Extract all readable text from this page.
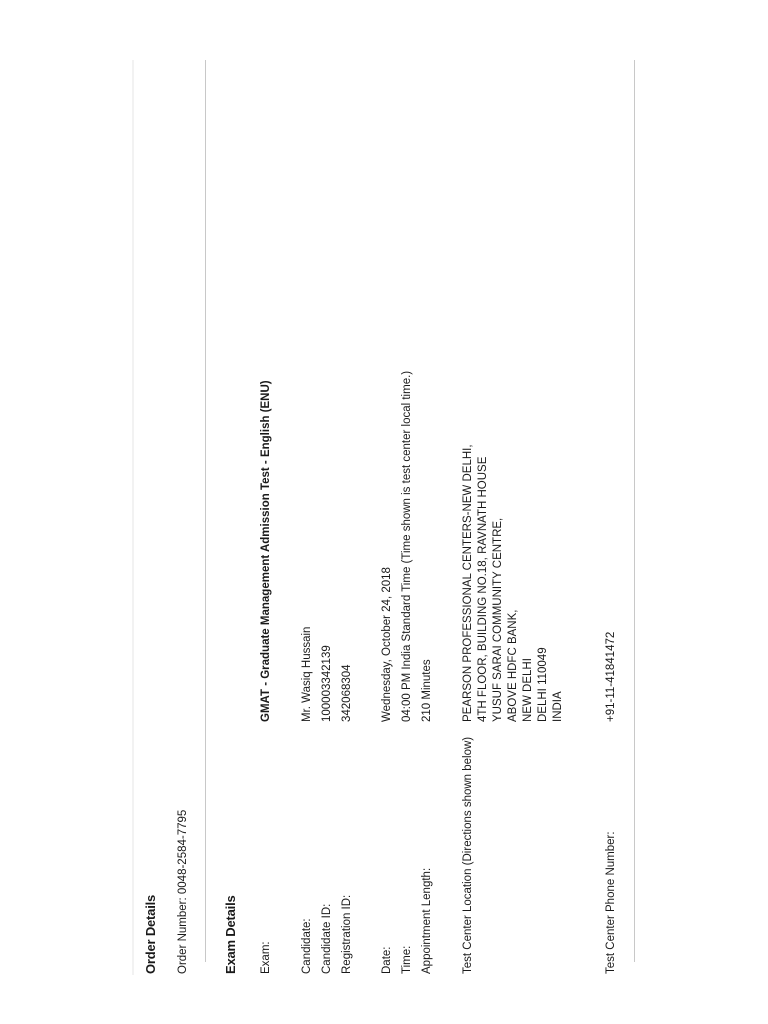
Order Details Order Number: 0048-2584-7795	Exam Details Exam:
GMAT - Graduate Management Admission Test - English (ENU)
Candidate:
Mr. Wasiq Hussain
Candidate ID:
10000334213​9
Registration ID:
342068304
Date:
Wednesday, October 24, 2018
Time:
04:00 PM India Standard Time (Time shown is test center local time.)
Appointment Length:
210 Minutes
Test Center Location (Directions shown below)
PEARSON PROFESSIONAL CENTERS-NEW DELHI, 4TH FLOOR, BUILDING NO.18, RAVNATH HOUSE YUSUF SARAI COMMUNITY CENTRE, ABOVE HDFC BANK, NEW DELHI DELHI 110049 INDIA
Test Center Phone Number:
+91-11-41841472
